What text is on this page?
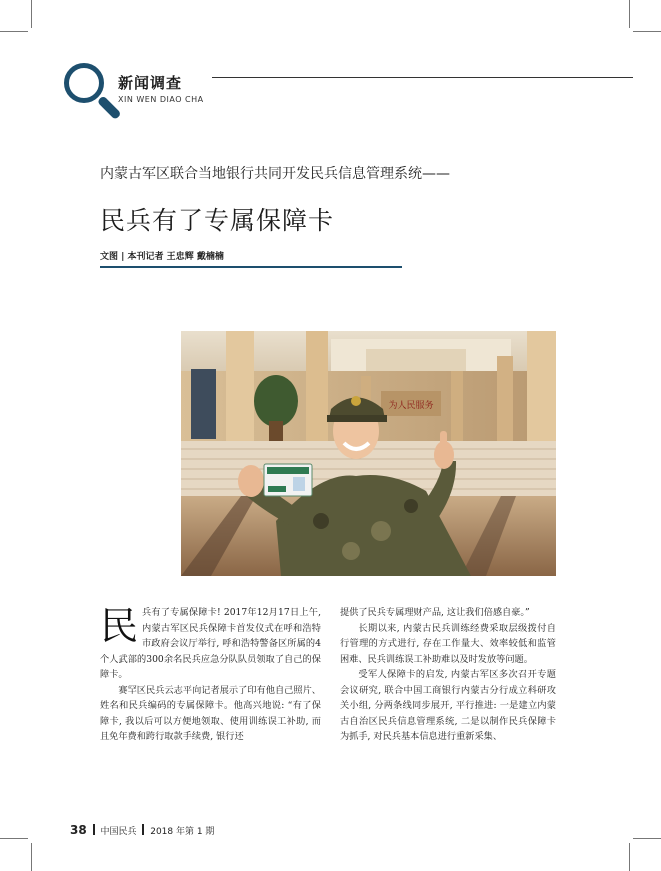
新闻调查
XIN WEN DIAO CHA
内蒙古军区联合当地银行共同开发民兵信息管理系统——
民兵有了专属保障卡
文图 | 本刊记者 王忠辉 戴楠楠
为人民服务

民 兵有了专属保障卡! 2017年12月17日上午,内蒙古军区民兵保障卡首发仪式在呼和浩特市政府会议厅举行, 呼和浩特警备区所属的4个人武部的300余名民兵应急分队队员领取了自己的保障卡。

赛罕区民兵云志平向记者展示了印有他自己照片、姓名和民兵编码的专属保障卡。他高兴地说: “有了保障卡, 我以后可以方便地领取、使用训练误工补助, 而且免年费和跨行取款手续费, 银行还

提供了民兵专属理财产品, 这让我们倍感自豪。”

长期以来, 内蒙古民兵训练经费采取层级拨付自行管理的方式进行, 存在工作量大、效率较低和监管困难、民兵训练误工补助难以及时发放等问题。

受军人保障卡的启发, 内蒙古军区多次召开专题会议研究, 联合中国工商银行内蒙古分行成立科研攻关小组, 分两条线同步展开, 平行推进: 一是建立内蒙古自治区民兵信息管理系统, 二是以制作民兵保障卡为抓手, 对民兵基本信息进行重新采集、

38 中国民兵 2018 年第 1 期
